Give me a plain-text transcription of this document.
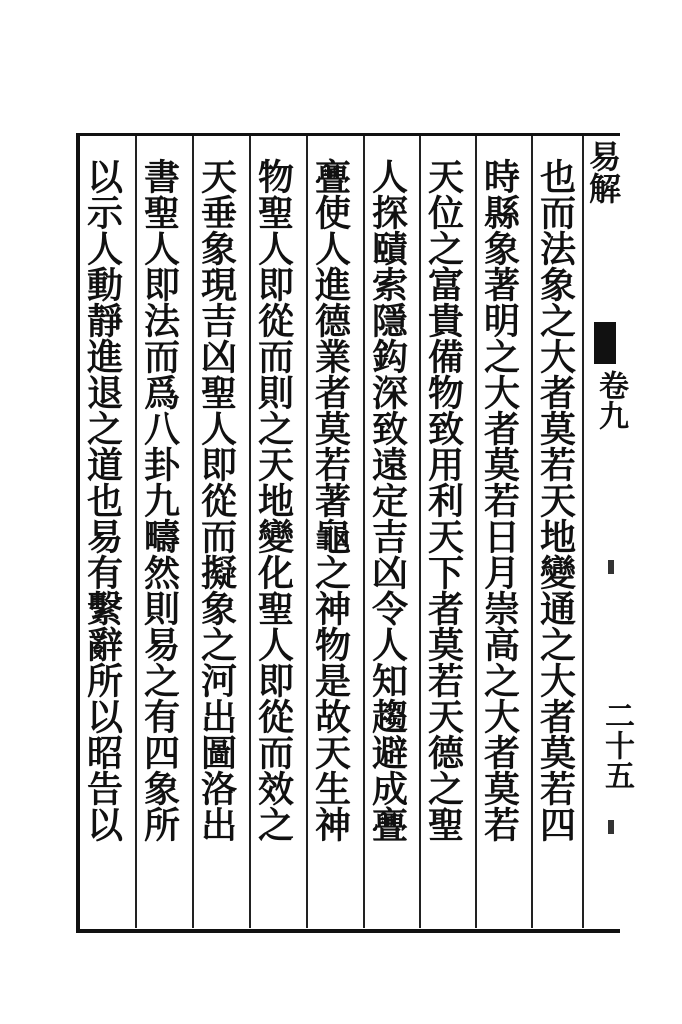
易解
卷九
二十五
也而法象之大者莫若天地變通之大者莫若四
時縣象著明之大者莫若日月崇高之大者莫若
天位之富貴備物致用利天下者莫若天德之聖
人探賾索隱鈎深致遠定吉凶令人知趨避成亹
亹使人進德業者莫若著龜之神物是故天生神
物聖人即從而則之天地變化聖人即從而效之
天垂象現吉凶聖人即從而擬象之河出圖洛出
書聖人即法而爲八卦九疇然則易之有四象所
以示人動靜進退之道也易有繫辭所以昭告以
